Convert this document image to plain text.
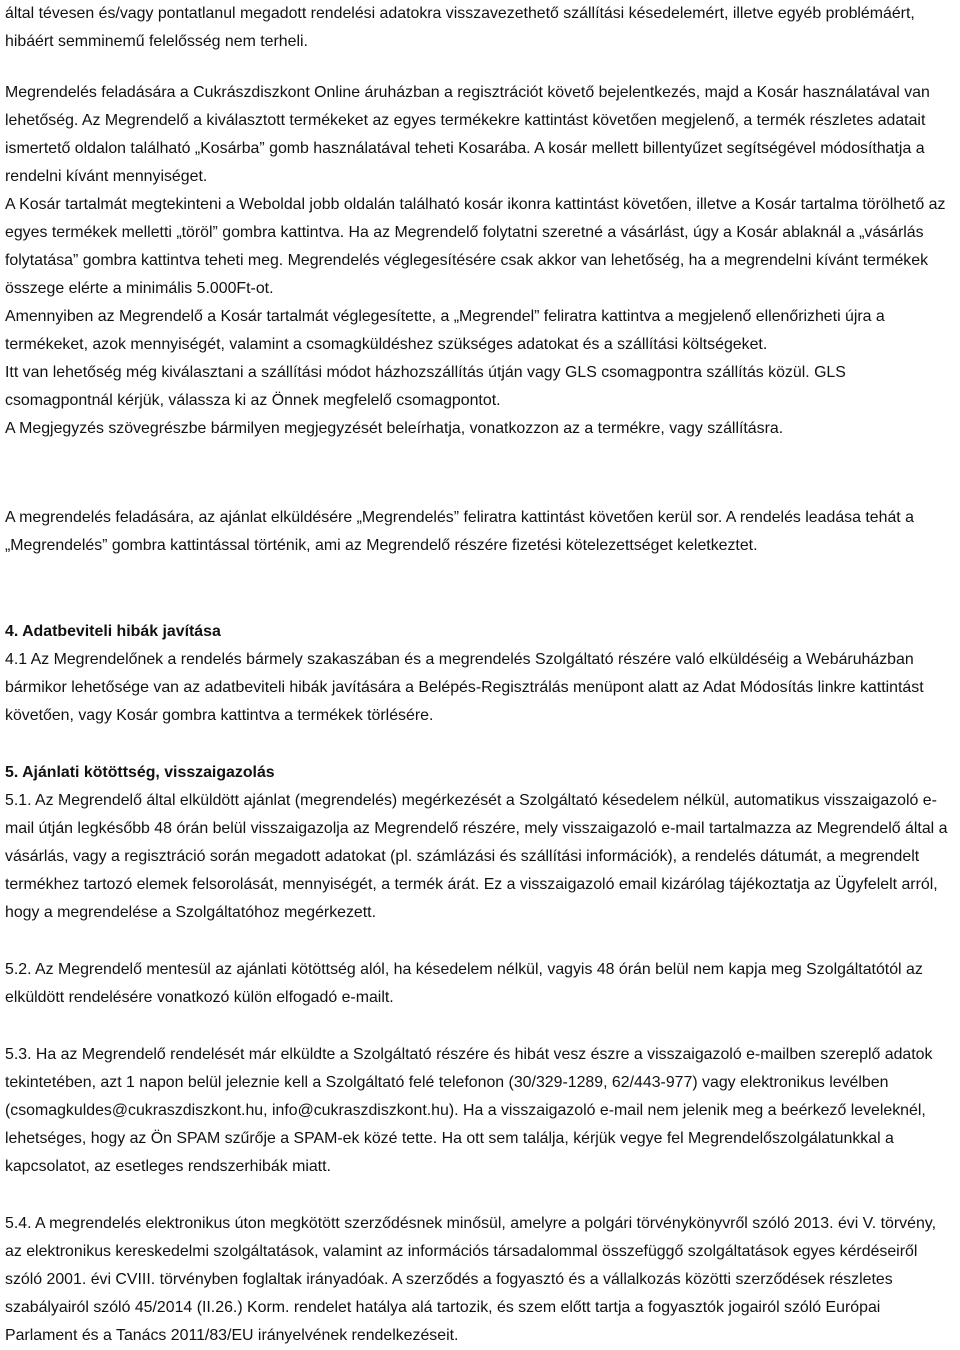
által tévesen és/vagy pontatlanul megadott rendelési adatokra visszavezethető szállítási késedelemért, illetve egyéb problémáért, hibáért semminemű felelősség nem terheli.

Megrendelés feladására a Cukrászdiszkont Online áruházban a regisztrációt követő bejelentkezés, majd a Kosár használatával van lehetőség. Az Megrendelő a kiválasztott termékeket az egyes termékekre kattintást követően megjelenő, a termék részletes adatait ismertető oldalon található „Kosárba” gomb használatával teheti Kosarába. A kosár mellett billentyűzet segítségével módosíthatja a rendelni kívánt mennyiséget.

A Kosár tartalmát megtekinteni a Weboldal jobb oldalán található kosár ikonra kattintást követően, illetve a Kosár tartalma törölhető az egyes termékek melletti „töröl” gombra kattintva. Ha az Megrendelő folytatni szeretné a vásárlást, úgy a Kosár ablaknál a „vásárlás folytatása” gombra kattintva teheti meg. Megrendelés véglegesítésére csak akkor van lehetőség, ha a megrendelni kívánt termékek összege elérte a minimális 5.000Ft-ot.

Amennyiben az Megrendelő a Kosár tartalmát véglegesítette, a „Megrendel” feliratra kattintva a megjelenő ellenőrizheti újra a termékeket, azok mennyiségét, valamint a csomagküldéshez szükséges adatokat és a szállítási költségeket.

Itt van lehetőség még kiválasztani a szállítási módot házhozszállítás útján vagy GLS csomagpontra szállítás közül. GLS csomagpontnál kérjük, válassza ki az Önnek megfelelő csomagpontot.

A Megjegyzés szövegrészbe bármilyen megjegyzését beleírhatja, vonatkozzon az a termékre, vagy szállításra.

A megrendelés feladására, az ajánlat elküldésére „Megrendelés” feliratra kattintást követően kerül sor. A rendelés leadása tehát a „Megrendelés” gombra kattintással történik, ami az Megrendelő részére fizetési kötelezettséget keletkeztet.

4. Adatbeviteli hibák javítása

4.1 Az Megrendelőnek a rendelés bármely szakaszában és a megrendelés Szolgáltató részére való elküldéséig a Webáruházban bármikor lehetősége van az adatbeviteli hibák javítására a Belépés-Regisztrálás menüpont alatt az Adat Módosítás linkre kattintást követően, vagy Kosár gombra kattintva a termékek törlésére.

5. Ajánlati kötöttség, visszaigazolás

5.1. Az Megrendelő által elküldött ajánlat (megrendelés) megérkezését a Szolgáltató késedelem nélkül, automatikus visszaigazoló e-mail útján legkésőbb 48 órán belül visszaigazolja az Megrendelő részére, mely visszaigazoló e-mail tartalmazza az Megrendelő által a vásárlás, vagy a regisztráció során megadott adatokat (pl. számlázási és szállítási információk), a rendelés dátumát, a megrendelt termékhez tartozó elemek felsorolását, mennyiségét, a termék árát. Ez a visszaigazoló email kizárólag tájékoztatja az Ügyfelelt arról, hogy a megrendelése a Szolgáltatóhoz megérkezett.

5.2. Az Megrendelő mentesül az ajánlati kötöttség alól, ha késedelem nélkül, vagyis 48 órán belül nem kapja meg Szolgáltatótól az elküldött rendelésére vonatkozó külön elfogadó e-mailt.

5.3. Ha az Megrendelő rendelését már elküldte a Szolgáltató részére és hibát vesz észre a visszaigazoló e-mailben szereplő adatok tekintetében, azt 1 napon belül jeleznie kell a Szolgáltató felé telefonon (30/329-1289, 62/443-977) vagy elektronikus levélben (csomagkuldes@cukraszdiszkont.hu, info@cukraszdiszkont.hu). Ha a visszaigazoló e-mail nem jelenik meg a beérkező leveleknél, lehetséges, hogy az Ön SPAM szűrője a SPAM-ek közé tette. Ha ott sem találja, kérjük vegye fel Megrendelőszolgálatunkkal a kapcsolatot, az esetleges rendszerhibák miatt.

5.4. A megrendelés elektronikus úton megkötött szerződésnek minősül, amelyre a polgári törvénykönyvről szóló 2013. évi V. törvény, az elektronikus kereskedelmi szolgáltatások, valamint az információs társadalommal összefüggő szolgáltatások egyes kérdéseiről szóló 2001. évi CVIII. törvényben foglaltak irányadóak. A szerződés a fogyasztó és a vállalkozás közötti szerződések részletes szabályairól szóló 45/2014 (II.26.) Korm. rendelet hatálya alá tartozik, és szem előtt tartja a fogyasztók jogairól szóló Európai Parlament és a Tanács 2011/83/EU irányelvének rendelkezéseit.
